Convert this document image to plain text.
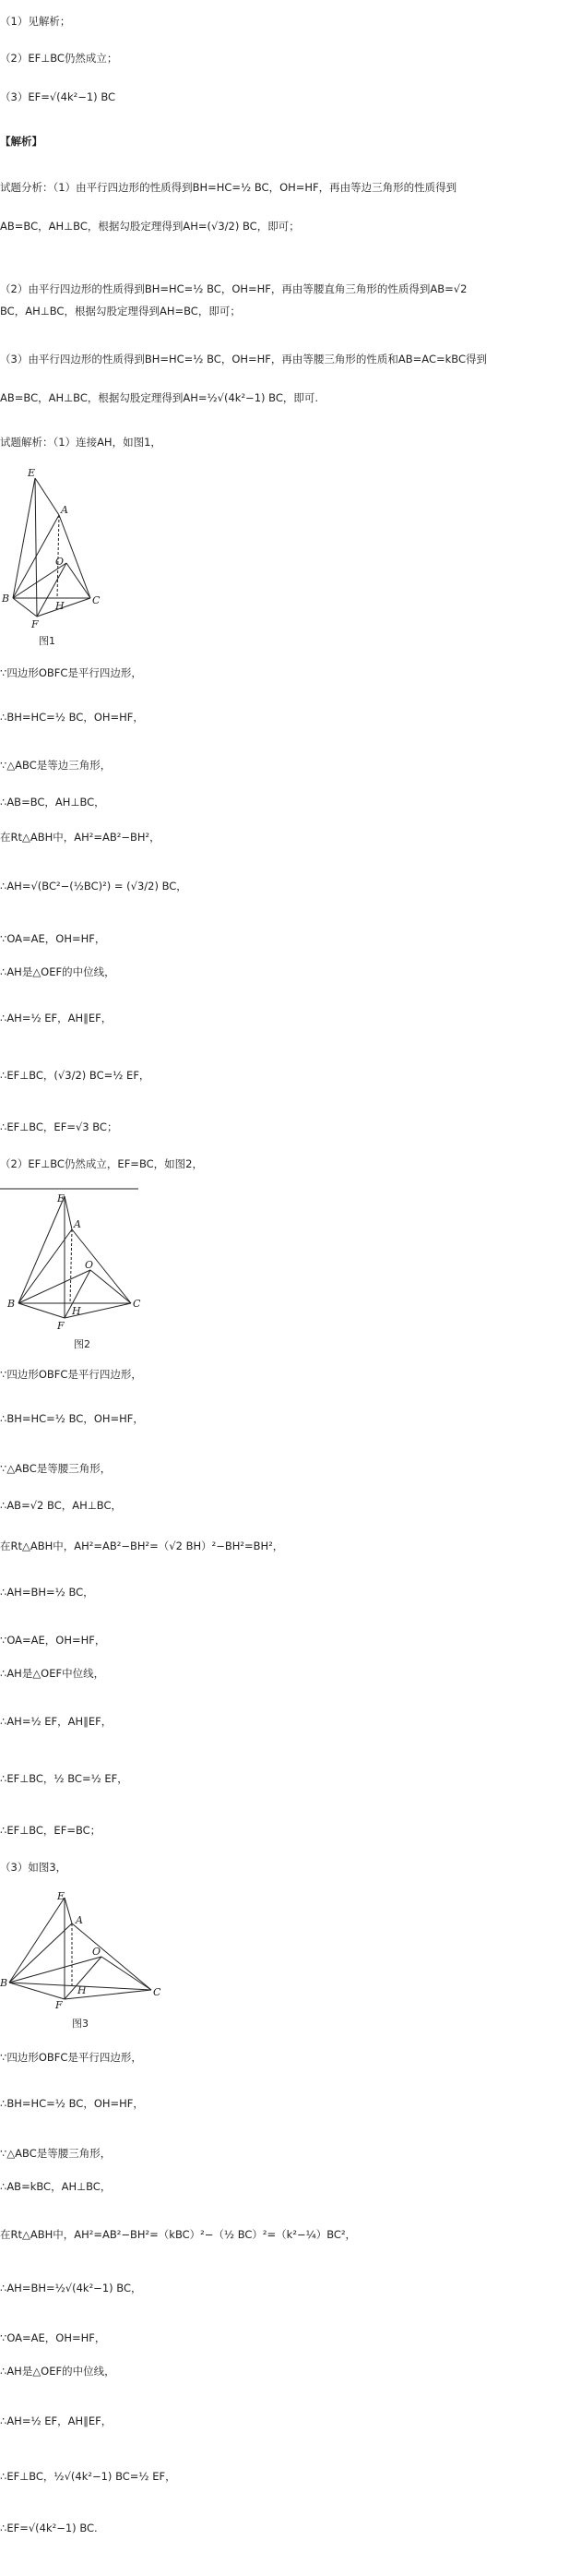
（1）见解析；
（2）EF⊥BC仍然成立；
（3）EF=√(4k²−1) BC
【解析】
试题分析：（1）由平行四边形的性质得到BH=HC=½ BC，OH=HF，再由等边三角形的性质得到
AB=BC，AH⊥BC，根据勾股定理得到AH=(√3/2) BC，即可；
（2）由平行四边形的性质得到BH=HC=½ BC，OH=HF，再由等腰直角三角形的性质得到AB=√2
BC，AH⊥BC，根据勾股定理得到AH=BC，即可；
（3）由平行四边形的性质得到BH=HC=½ BC，OH=HF，再由等腰三角形的性质和AB=AC=kBC得到
AB=BC，AH⊥BC，根据勾股定理得到AH=½√(4k²−1) BC，即可.
试题解析：（1）连接AH，如图1，
E
A
O
B
H	C
F
图1
∵四边形OBFC是平行四边形，
∴BH=HC=½ BC，OH=HF，
∵△ABC是等边三角形，
∴AB=BC，AH⊥BC，
在Rt△ABH中，AH²=AB²−BH²，
∴AH=√(BC²−(½BC)²) = (√3/2) BC，
∵OA=AE，OH=HF，
∴AH是△OEF的中位线，
∴AH=½ EF，AH∥EF，
∴EF⊥BC，(√3/2) BC=½ EF，
∴EF⊥BC，EF=√3 BC；
（2）EF⊥BC仍然成立，EF=BC，如图2，
E
A
O
B
H
C
F
图2
∵四边形OBFC是平行四边形，
∴BH=HC=½ BC，OH=HF，
∵△ABC是等腰三角形，
∴AB=√2 BC，AH⊥BC，
在Rt△ABH中，AH²=AB²−BH²=（√2 BH）²−BH²=BH²，
∴AH=BH=½ BC，
∵OA=AE，OH=HF，
∴AH是△OEF中位线，
∴AH=½ EF，AH∥EF，
∴EF⊥BC，½ BC=½ EF，
∴EF⊥BC，EF=BC；
（3）如图3，
E
A
O
B
H	C
F
图3
∵四边形OBFC是平行四边形，
∴BH=HC=½ BC，OH=HF，
∵△ABC是等腰三角形，
∴AB=kBC，AH⊥BC，
在Rt△ABH中，AH²=AB²−BH²=（kBC）²−（½ BC）²=（k²−¼）BC²，
∴AH=BH=½√(4k²−1) BC，
∵OA=AE，OH=HF，
∴AH是△OEF的中位线，
∴AH=½ EF，AH∥EF，
∴EF⊥BC，½√(4k²−1) BC=½ EF，
∴EF=√(4k²−1) BC.
